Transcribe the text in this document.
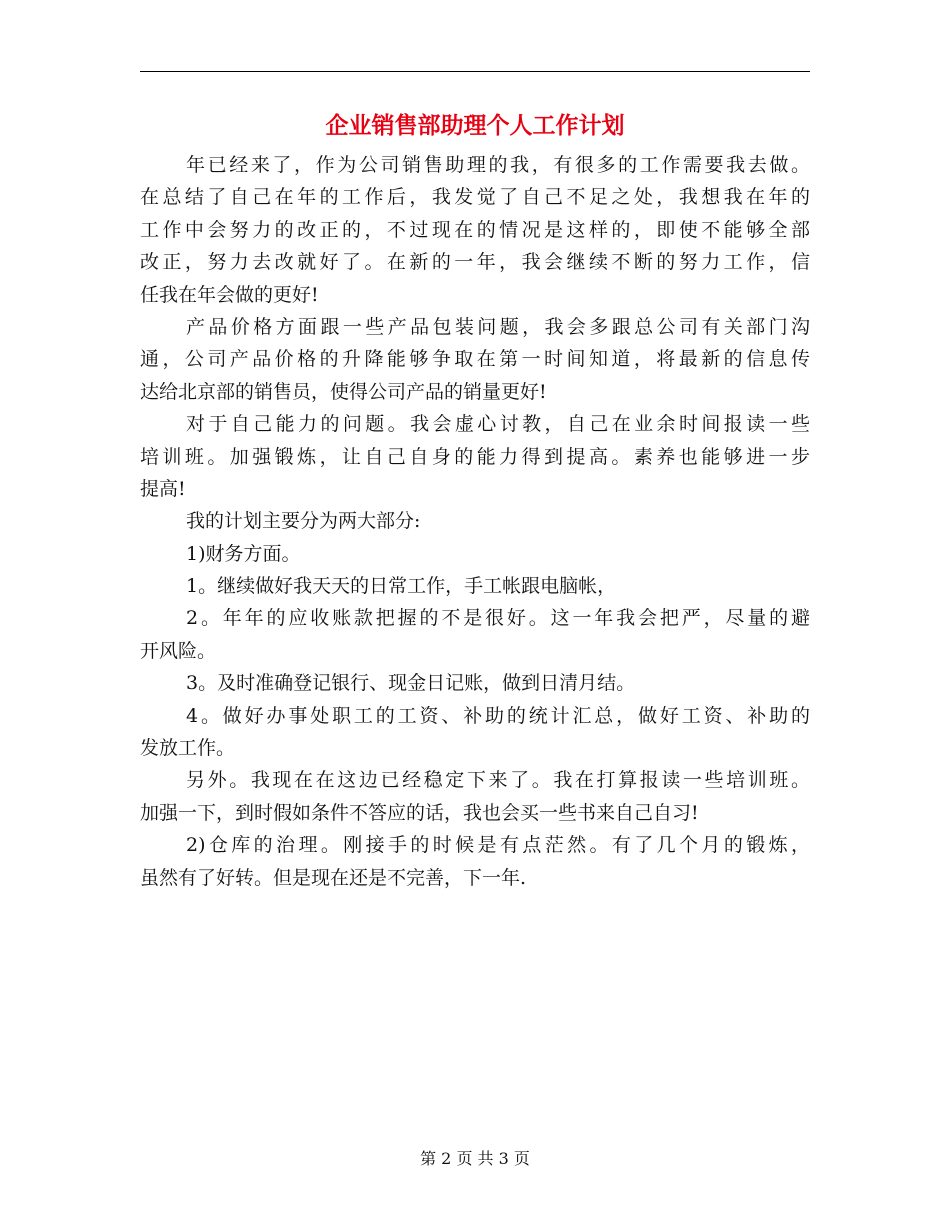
企业销售部助理个人工作计划
年已经来了，作为公司销售助理的我，有很多的工作需要我去做。
在总结了自己在年的工作后，我发觉了自己不足之处，我想我在年的
工作中会努力的改正的，不过现在的情况是这样的，即使不能够全部
改正，努力去改就好了。在新的一年，我会继续不断的努力工作，信
任我在年会做的更好!
产品价格方面跟一些产品包装问题，我会多跟总公司有关部门沟
通，公司产品价格的升降能够争取在第一时间知道，将最新的信息传
达给北京部的销售员，使得公司产品的销量更好!
对于自己能力的问题。我会虚心讨教，自己在业余时间报读一些
培训班。加强锻炼，让自己自身的能力得到提高。素养也能够进一步
提高!
我的计划主要分为两大部分:
1)财务方面。
1。继续做好我天天的日常工作，手工帐跟电脑帐，
2。年年的应收账款把握的不是很好。这一年我会把严，尽量的避
开风险。
3。及时准确登记银行、现金日记账，做到日清月结。
4。做好办事处职工的工资、补助的统计汇总，做好工资、补助的
发放工作。
另外。我现在在这边已经稳定下来了。我在打算报读一些培训班。
加强一下，到时假如条件不答应的话，我也会买一些书来自己自习!
2)仓库的治理。刚接手的时候是有点茫然。有了几个月的锻炼，
虽然有了好转。但是现在还是不完善，下一年.
第 2 页 共 3 页
